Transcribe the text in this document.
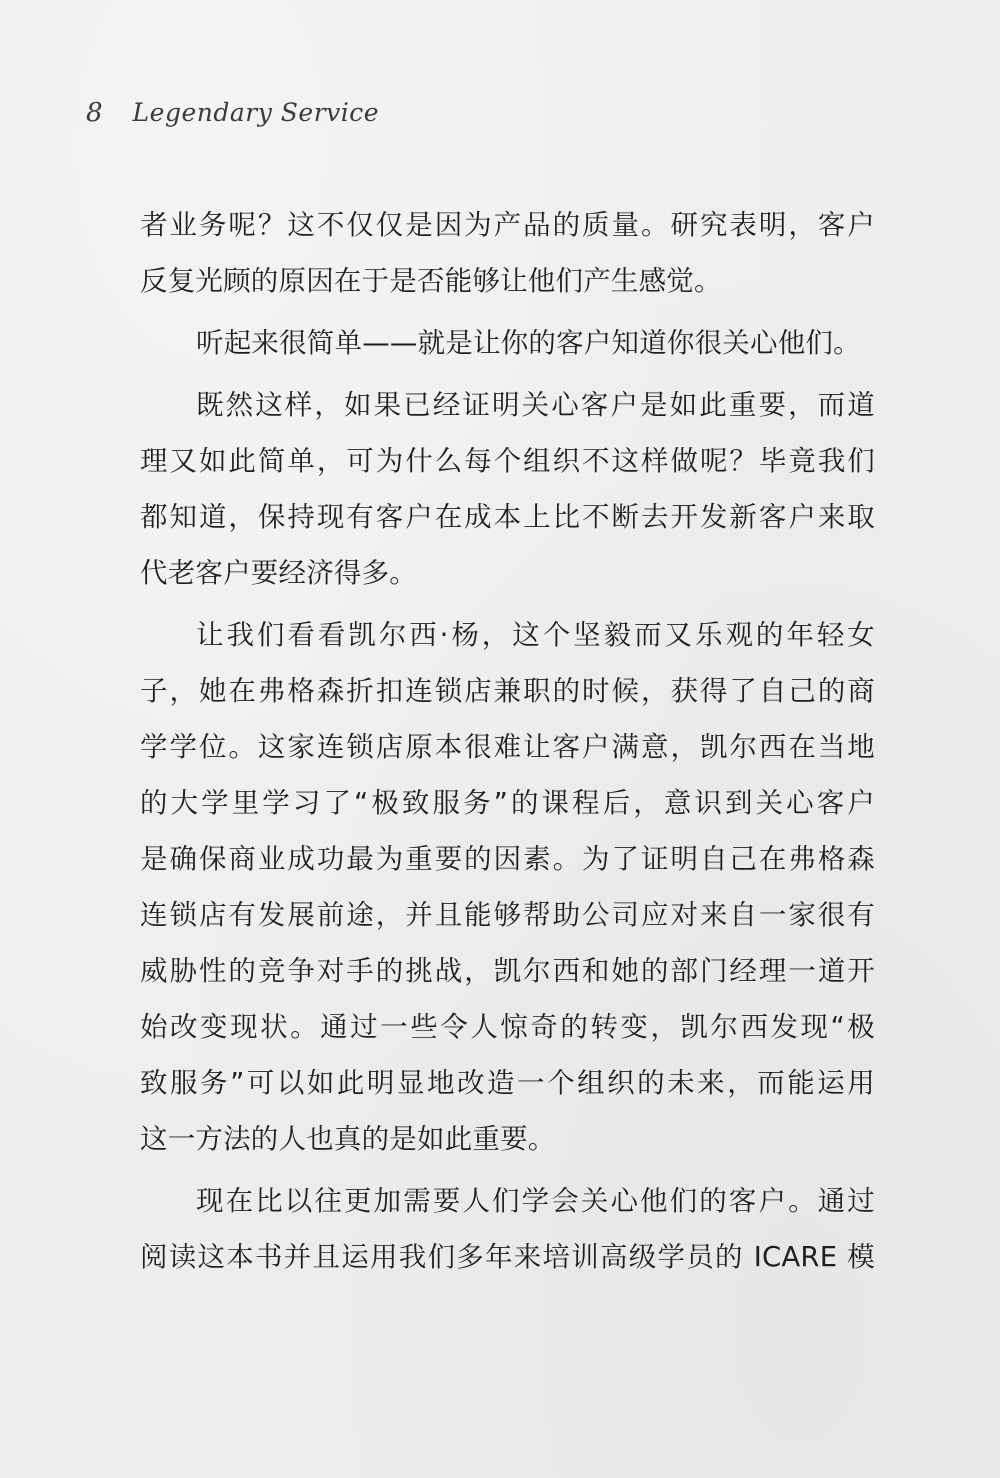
8 Legendary Service
者业务呢？这不仅仅是因为产品的质量。研究表明，客户
反复光顾的原因在于是否能够让他们产生感觉。
听起来很简单——就是让你的客户知道你很关心他们。
既然这样，如果已经证明关心客户是如此重要，而道
理又如此简单，可为什么每个组织不这样做呢？毕竟我们
都知道，保持现有客户在成本上比不断去开发新客户来取
代老客户要经济得多。
让我们看看凯尔西·杨，这个坚毅而又乐观的年轻女
子，她在弗格森折扣连锁店兼职的时候，获得了自己的商
学学位。这家连锁店原本很难让客户满意，凯尔西在当地
的大学里学习了“极致服务”的课程后，意识到关心客户
是确保商业成功最为重要的因素。为了证明自己在弗格森
连锁店有发展前途，并且能够帮助公司应对来自一家很有
威胁性的竞争对手的挑战，凯尔西和她的部门经理一道开
始改变现状。通过一些令人惊奇的转变，凯尔西发现“极
致服务”可以如此明显地改造一个组织的未来，而能运用
这一方法的人也真的是如此重要。
现在比以往更加需要人们学会关心他们的客户。通过
阅读这本书并且运用我们多年来培训高级学员的 ICARE 模
